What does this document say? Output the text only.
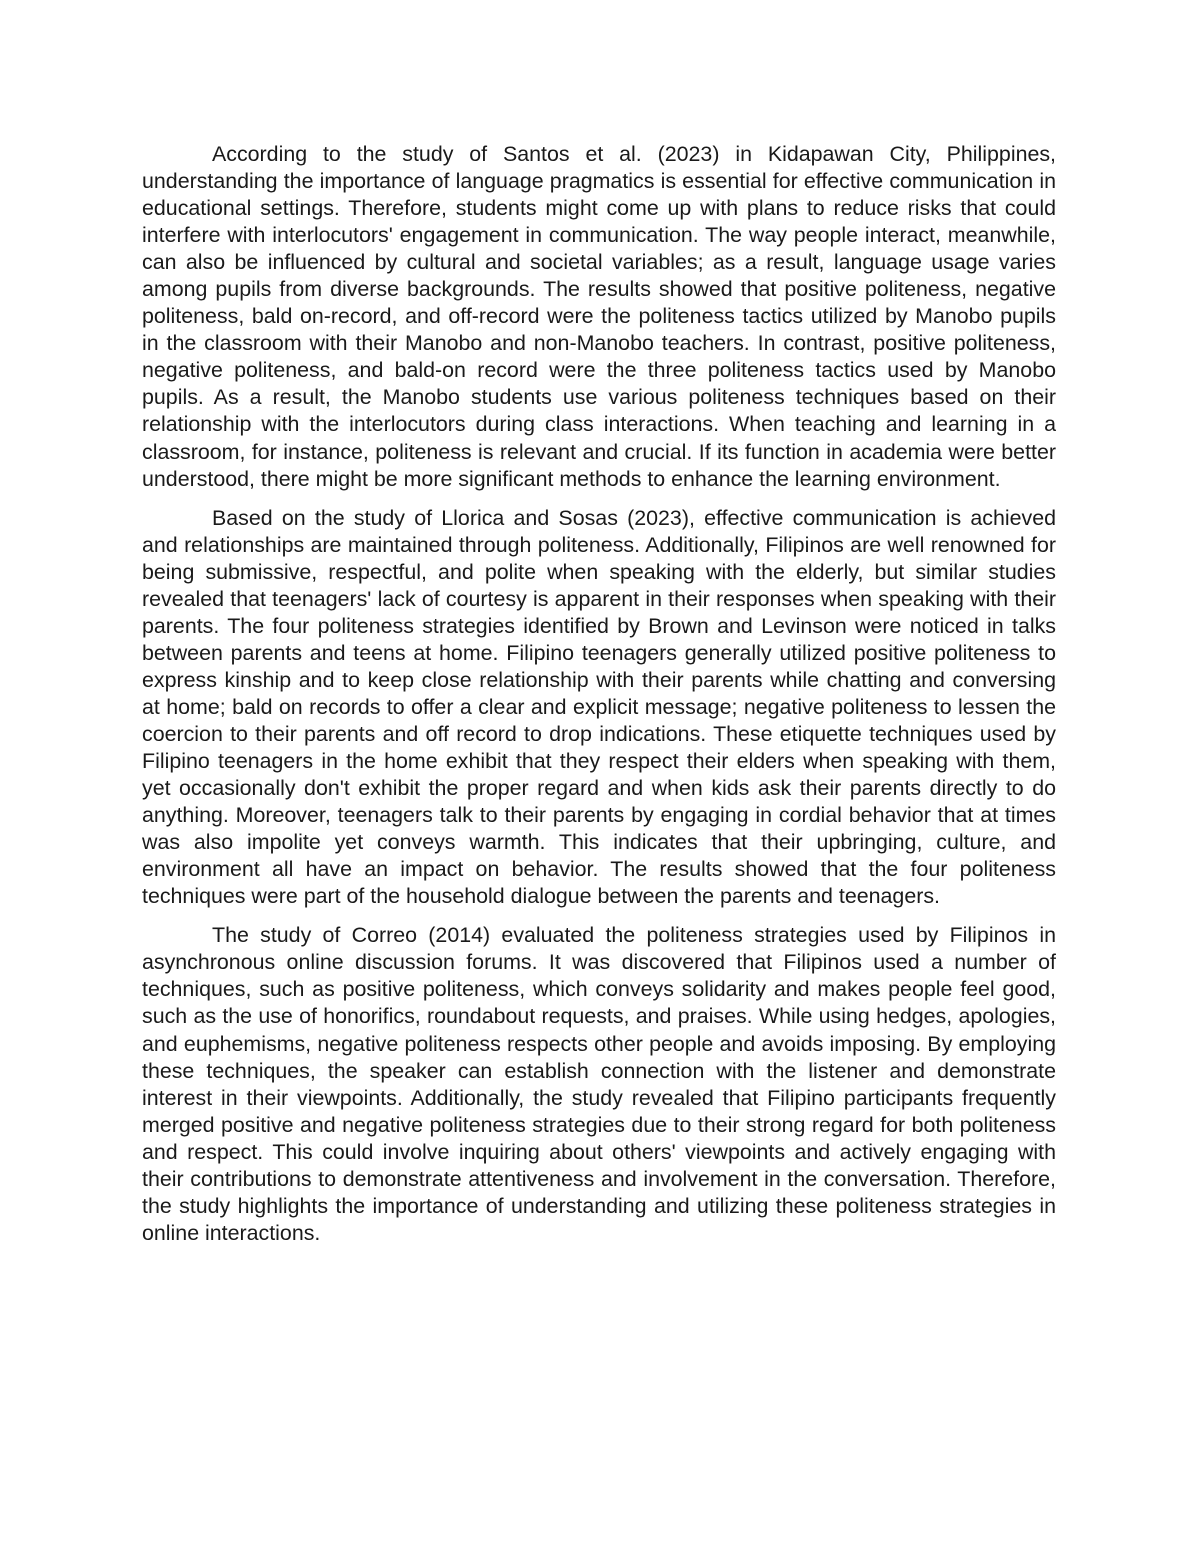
According to the study of Santos et al. (2023) in Kidapawan City, Philippines, understanding the importance of language pragmatics is essential for effective communication in educational settings. Therefore, students might come up with plans to reduce risks that could interfere with interlocutors' engagement in communication. The way people interact, meanwhile, can also be influenced by cultural and societal variables; as a result, language usage varies among pupils from diverse backgrounds. The results showed that positive politeness, negative politeness, bald on-record, and off-record were the politeness tactics utilized by Manobo pupils in the classroom with their Manobo and non-Manobo teachers. In contrast, positive politeness, negative politeness, and bald-on record were the three politeness tactics used by Manobo pupils. As a result, the Manobo students use various politeness techniques based on their relationship with the interlocutors during class interactions. When teaching and learning in a classroom, for instance, politeness is relevant and crucial. If its function in academia were better understood, there might be more significant methods to enhance the learning environment.

Based on the study of Llorica and Sosas (2023), effective communication is achieved and relationships are maintained through politeness. Additionally, Filipinos are well renowned for being submissive, respectful, and polite when speaking with the elderly, but similar studies revealed that teenagers' lack of courtesy is apparent in their responses when speaking with their parents. The four politeness strategies identified by Brown and Levinson were noticed in talks between parents and teens at home. Filipino teenagers generally utilized positive politeness to express kinship and to keep close relationship with their parents while chatting and conversing at home; bald on records to offer a clear and explicit message; negative politeness to lessen the coercion to their parents and off record to drop indications. These etiquette techniques used by Filipino teenagers in the home exhibit that they respect their elders when speaking with them, yet occasionally don't exhibit the proper regard and when kids ask their parents directly to do anything. Moreover, teenagers talk to their parents by engaging in cordial behavior that at times was also impolite yet conveys warmth. This indicates that their upbringing, culture, and environment all have an impact on behavior. The results showed that the four politeness techniques were part of the household dialogue between the parents and teenagers.

The study of Correo (2014) evaluated the politeness strategies used by Filipinos in asynchronous online discussion forums. It was discovered that Filipinos used a number of techniques, such as positive politeness, which conveys solidarity and makes people feel good, such as the use of honorifics, roundabout requests, and praises. While using hedges, apologies, and euphemisms, negative politeness respects other people and avoids imposing. By employing these techniques, the speaker can establish connection with the listener and demonstrate interest in their viewpoints. Additionally, the study revealed that Filipino participants frequently merged positive and negative politeness strategies due to their strong regard for both politeness and respect. This could involve inquiring about others' viewpoints and actively engaging with their contributions to demonstrate attentiveness and involvement in the conversation. Therefore, the study highlights the importance of understanding and utilizing these politeness strategies in online interactions.
